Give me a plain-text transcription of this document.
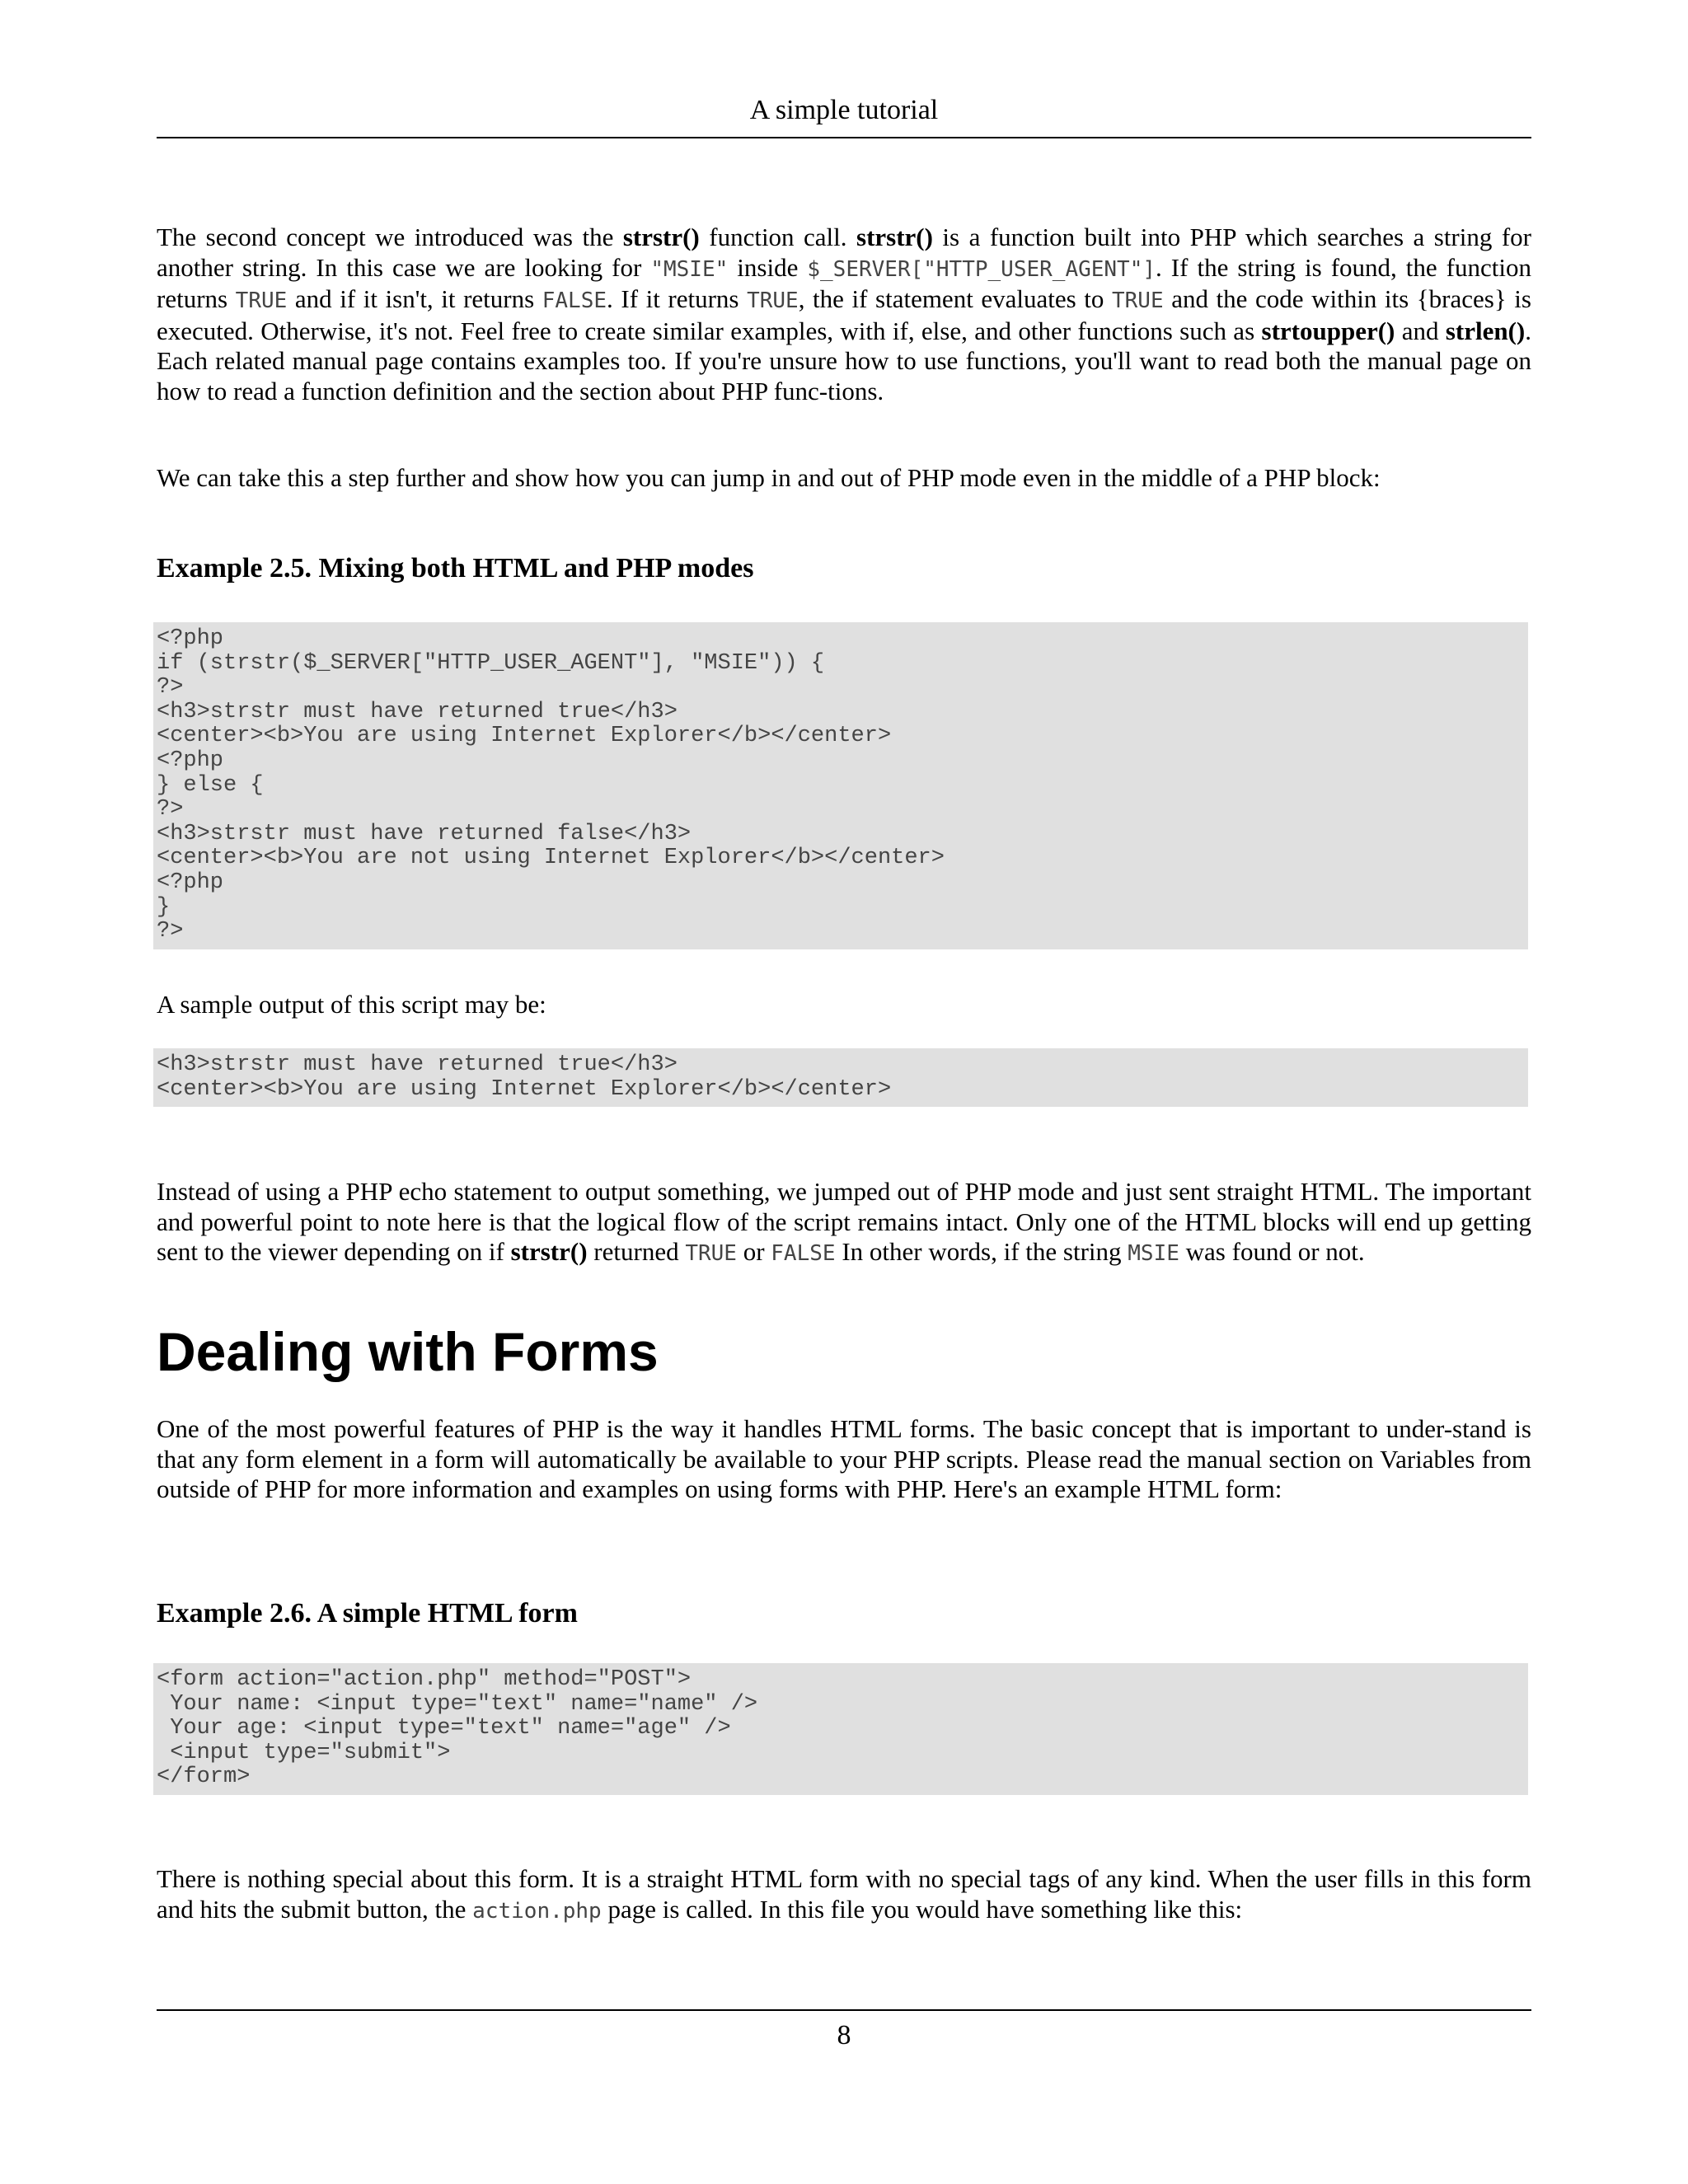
A simple tutorial

The second concept we introduced was the strstr() function call. strstr() is a function built into PHP which searches a string for another string. In this case we are looking for "MSIE" inside $_SERVER["HTTP_USER_AGENT"]. If the string is found, the function returns TRUE and if it isn't, it returns FALSE. If it returns TRUE, the if statement evaluates to TRUE and the code within its {braces} is executed. Otherwise, it's not. Feel free to create similar examples, with if, else, and other functions such as strtoupper() and strlen(). Each related manual page contains examples too. If you're unsure how to use functions, you'll want to read both the manual page on how to read a function definition and the section about PHP func-tions.

We can take this a step further and show how you can jump in and out of PHP mode even in the middle of a PHP block:

Example 2.5. Mixing both HTML and PHP modes
<?php
if (strstr($_SERVER["HTTP_USER_AGENT"], "MSIE")) {
?>
<h3>strstr must have returned true</h3>
<center><b>You are using Internet Explorer</b></center>
<?php
} else {
?>
<h3>strstr must have returned false</h3>
<center><b>You are not using Internet Explorer</b></center>
<?php
}
?>

A sample output of this script may be:

<h3>strstr must have returned true</h3>
<center><b>You are using Internet Explorer</b></center>

Instead of using a PHP echo statement to output something, we jumped out of PHP mode and just sent straight HTML. The important and powerful point to note here is that the logical flow of the script remains intact. Only one of the HTML blocks will end up getting sent to the viewer depending on if strstr() returned TRUE or FALSE In other words, if the string MSIE was found or not.

Dealing with Forms

One of the most powerful features of PHP is the way it handles HTML forms. The basic concept that is important to under-stand is that any form element in a form will automatically be available to your PHP scripts. Please read the manual section on Variables from outside of PHP for more information and examples on using forms with PHP. Here's an example HTML form:

Example 2.6. A simple HTML form
<form action="action.php" method="POST">
Your name: <input type="text" name="name" />
Your age: <input type="text" name="age" />
<input type="submit">
</form>

There is nothing special about this form. It is a straight HTML form with no special tags of any kind. When the user fills in this form and hits the submit button, the action.php page is called. In this file you would have something like this:

8
